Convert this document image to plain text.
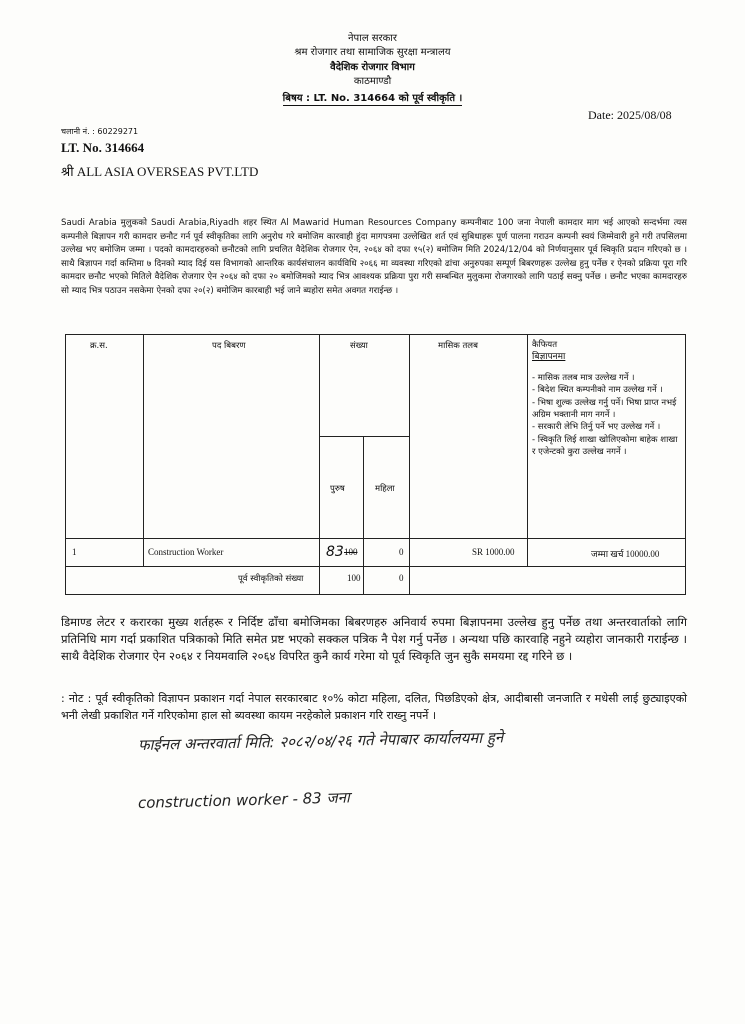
नेपाल सरकार
श्रम रोजगार तथा सामाजिक सुरक्षा मन्त्रालय
वैदेशिक रोजगार विभाग
काठमाण्डौ
बिषय : LT. No. 314664 को पूर्व स्वीकृति ।
Date: 2025/08/08
चलानी नं. : 60229271
LT. No. 314664
श्री ALL ASIA OVERSEAS PVT.LTD
Saudi Arabia मुलुकको Saudi Arabia,Riyadh शहर स्थित Al Mawarid Human Resources Company कम्पनीबाट 100 जना नेपाली कामदार माग भई आएको सन्दर्भमा त्यस कम्पनीले बिज्ञापन गरी कामदार छनौट गर्न पूर्व स्वीकृतिका लागि अनुरोध गरे बमोजिम कारवाही हुंदा मागपत्रमा उल्लेखित शर्त एवं सुबिधाहरू पूर्ण पालना गराउन कम्पनी स्वयं जिम्मेवारी हुने गरी तपसिलमा उल्लेख भए बमोजिम जम्मा । पदको कामदारहरुको छनौटको लागि प्रचलित वैदेशिक रोजगार ऐन, २०६४ को दफा १५(२) बमोजिम मिति 2024/12/04 को निर्णयानुसार पूर्व स्विकृति प्रदान गरिएको छ । साथै बिज्ञापन गर्दा कम्तिमा ७ दिनको म्याद दिई यस विभागको आन्तरिक कार्यसंचालन कार्यविधि २०६६ मा व्यवस्था गरिएको ढांचा अनुरुपका सम्पूर्ण बिबरणहरू उल्लेख हुनु पर्नेछ र ऐनको प्रक्रिया पूरा गरि कामदार छनौट भएको मितिले वैदेशिक रोजगार ऐन २०६४ को दफा २० बमोजिमको म्याद भित्र आवश्यक प्रक्रिया पुरा गरी सम्बन्धित मुलुकमा रोजगारको लागि पठाई सक्नु पर्नेछ । छनौट भएका कामदारहरु सो म्याद भित्र पठाउन नसकेमा ऐनको दफा २०(२) बमोजिम कारबाही भई जाने ब्यहोरा समेत अवगत गराईन्छ ।
क्र.स.	पद बिबरण	संख्या	मासिक तलब
पुरुष	महिला
कैफियत
बिज्ञापनमा
- मासिक तलब मात्र उल्लेख गर्ने ।
- बिदेश स्थित कम्पनीको नाम उल्लेख गर्ने ।
- भिषा शुल्क उल्लेख गर्नु पर्ने। भिषा प्राप्त नभई अग्रिम भक्तानी माग नगर्ने ।
- सरकारी लेभि तिर्नु पर्ने भए उल्लेख गर्ने ।
- स्विकृति लिई शाखा खोलिएकोमा बाहेक शाखा र एजेन्टको कुरा उल्लेख नगर्ने ।
1	Construction Worker	83 100	0	SR 1000.00	जम्मा खर्च 10000.00
पूर्व स्वीकृतिको संख्या	100	0
डिमाण्ड लेटर र करारका मुख्य शर्तहरू र निर्दिष्ट ढाँचा बमोजिमका बिबरणहरु अनिवार्य रुपमा बिज्ञापनमा उल्लेख हुनु पर्नेछ तथा अन्तरवार्ताको लागि प्रतिनिधि माग गर्दा प्रकाशित पत्रिकाको मिति समेत प्रष्ट भएको सक्कल पत्रिक नै पेश गर्नु पर्नेछ । अन्यथा पछि कारवाहि नहुने व्यहोरा जानकारी गराईन्छ । साथै वैदेशिक रोजगार ऐन २०६४ र नियमवालि २०६४ विपरित कुनै कार्य गरेमा यो पूर्व स्विकृति जुन सुकै समयमा रद्द गरिने छ ।
: नोट : पूर्व स्वीकृतिको विज्ञापन प्रकाशन गर्दा नेपाल सरकारबाट १०% कोटा महिला, दलित, पिछडिएको क्षेत्र, आदीबासी जनजाति र मधेसी लाई छुट्याइएको भनी लेखी प्रकाशित गर्ने गरिएकोमा हाल सो ब्यवस्था कायम नरहेकोले प्रकाशन गरि राख्नु नपर्ने ।
फाईनल अन्तरवार्ता मिति: २०८२/०४/२६ गते नेपाबार कार्यालयमा हुने
construction worker - 83 जना
